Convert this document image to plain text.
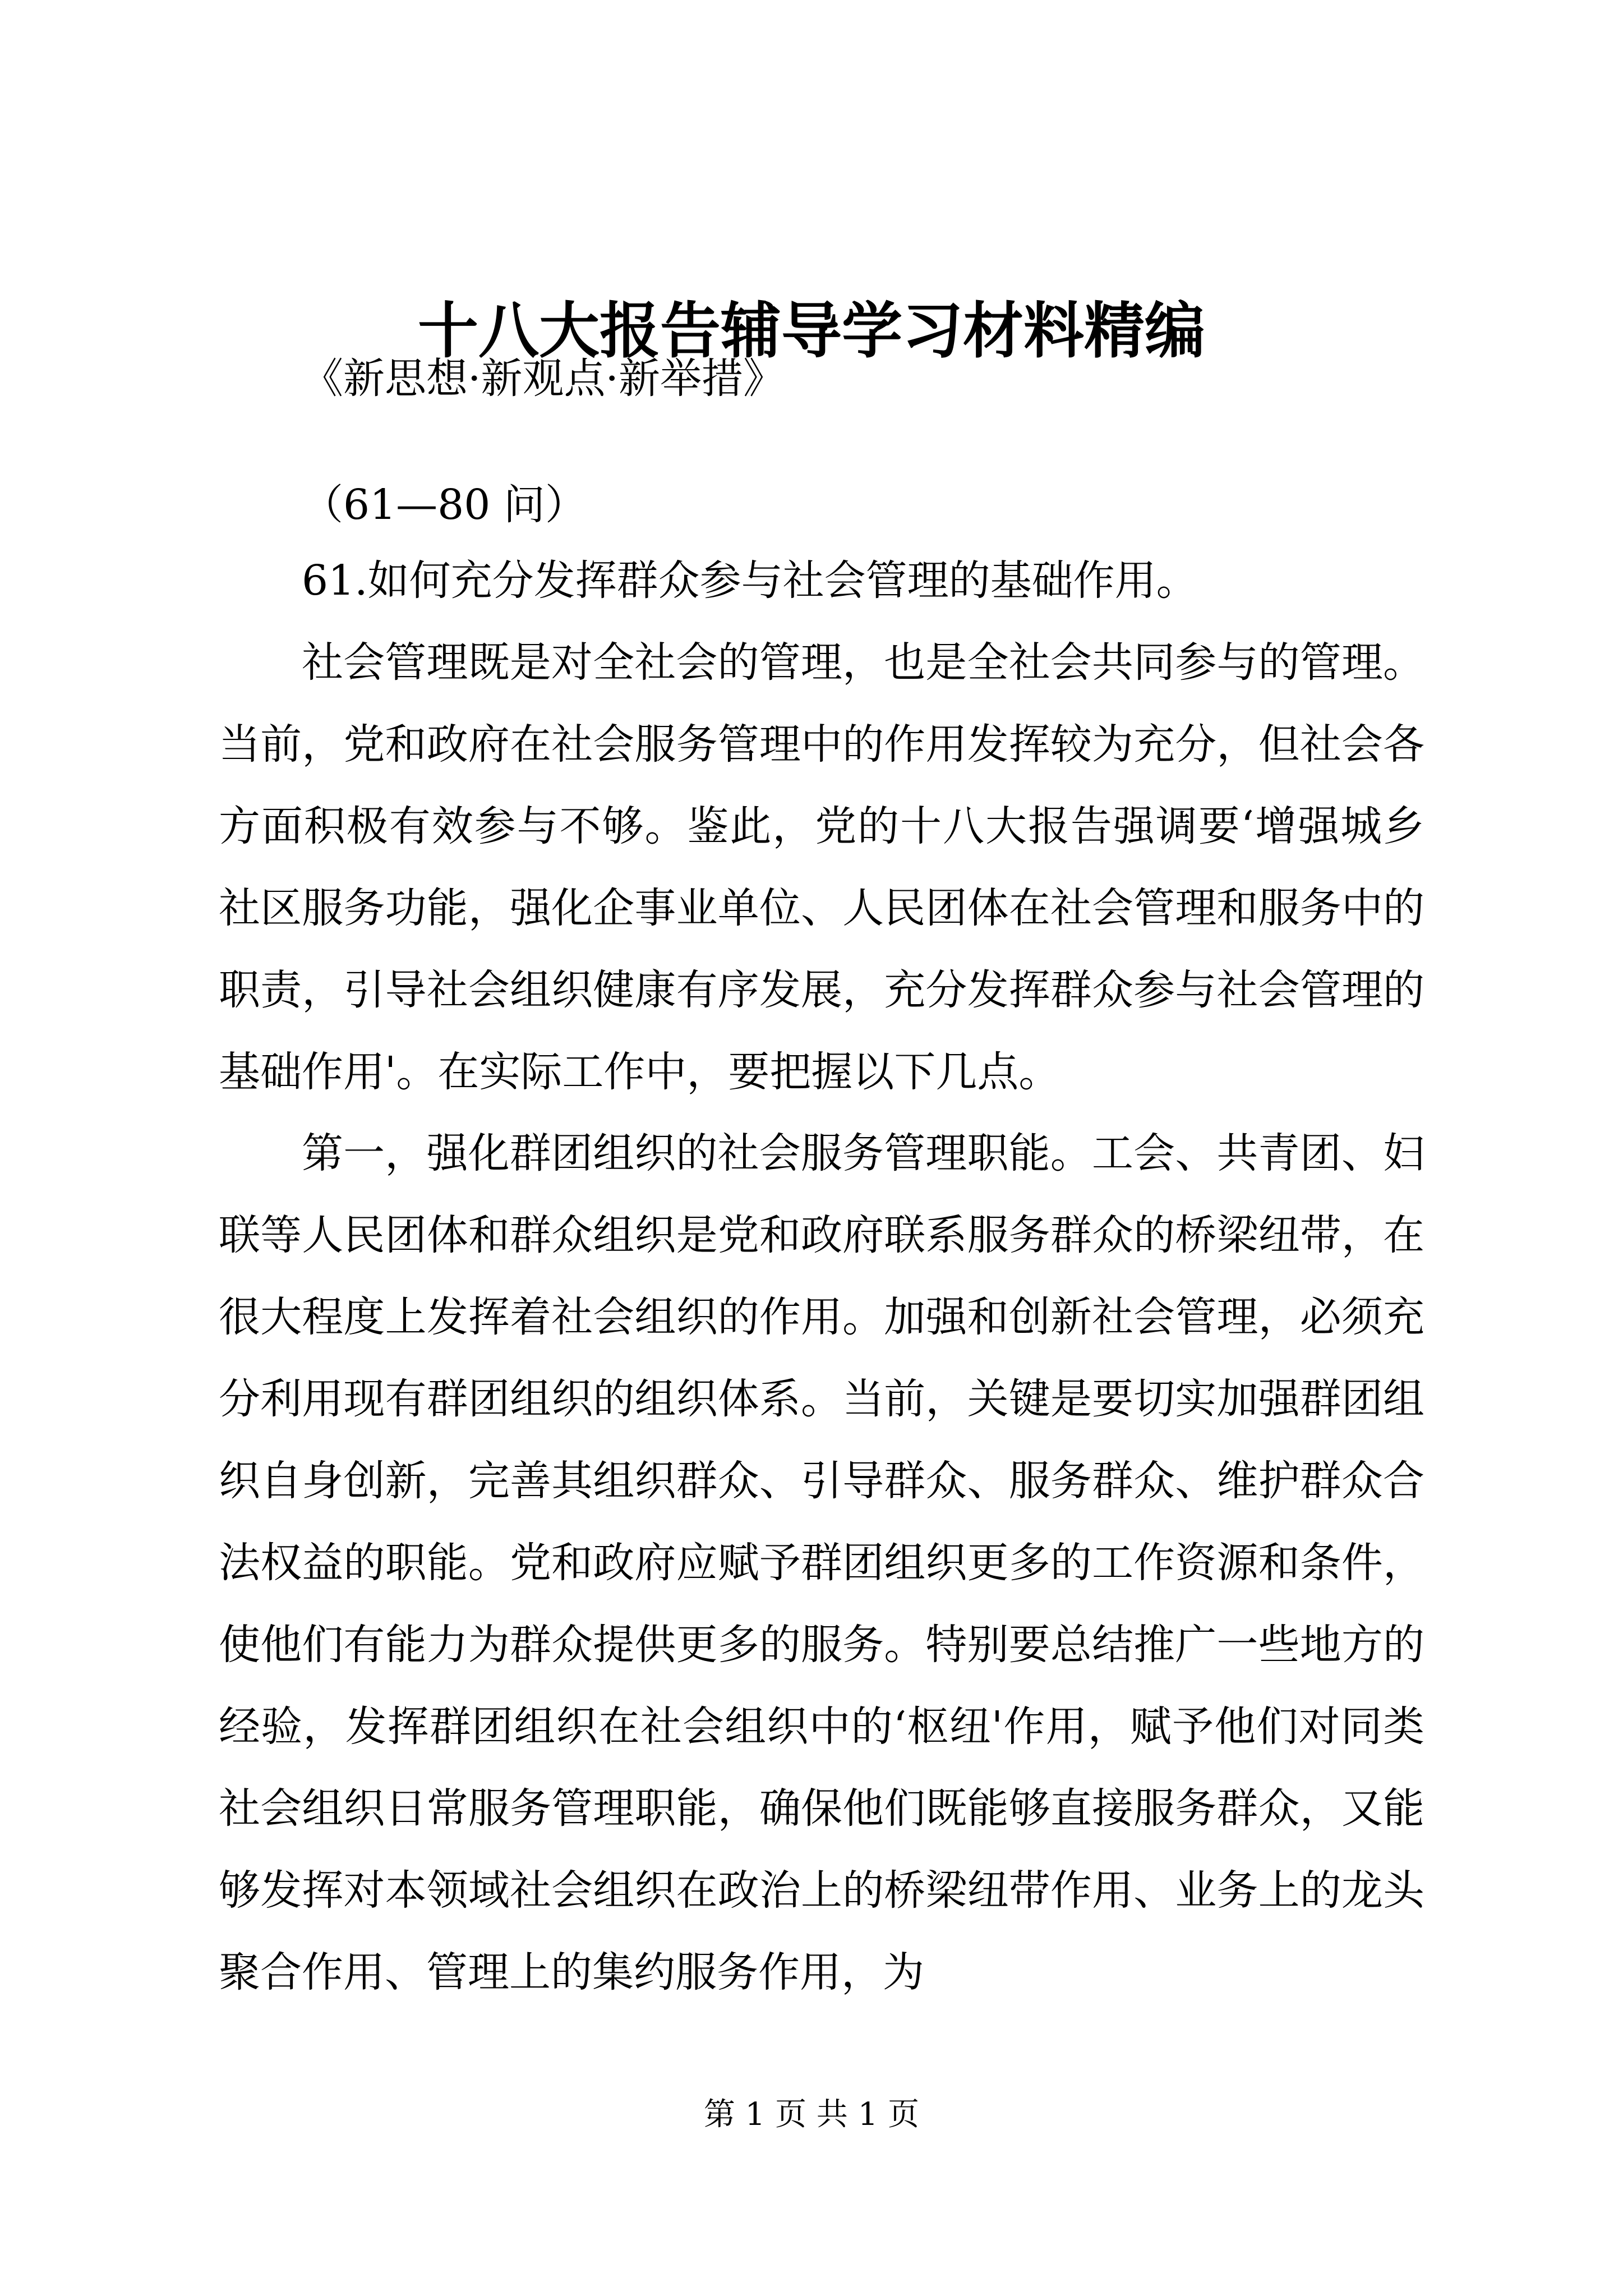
十八大报告辅导学习材料精编
《新思想·新观点·新举措》
（61—80 问）
61.如何充分发挥群众参与社会管理的基础作用。

社会管理既是对全社会的管理，也是全社会共同参与的管理。当前，党和政府在社会服务管理中的作用发挥较为充分，但社会各方面积极有效参与不够。鉴此，党的十八大报告强调要‘增强城乡社区服务功能，强化企事业单位、人民团体在社会管理和服务中的职责，引导社会组织健康有序发展，充分发挥群众参与社会管理的基础作用'。在实际工作中，要把握以下几点。

第一，强化群团组织的社会服务管理职能。工会、共青团、妇联等人民团体和群众组织是党和政府联系服务群众的桥梁纽带，在很大程度上发挥着社会组织的作用。加强和创新社会管理，必须充分利用现有群团组织的组织体系。当前，关键是要切实加强群团组织自身创新，完善其组织群众、引导群众、服务群众、维护群众合法权益的职能。党和政府应赋予群团组织更多的工作资源和条件，使他们有能力为群众提供更多的服务。特别要总结推广一些地方的经验，发挥群团组织在社会组织中的‘枢纽'作用，赋予他们对同类社会组织日常服务管理职能，确保他们既能够直接服务群众，又能够发挥对本领域社会组织在政治上的桥梁纽带作用、业务上的龙头聚合作用、管理上的集约服务作用，为

第 1 页 共 1 页
